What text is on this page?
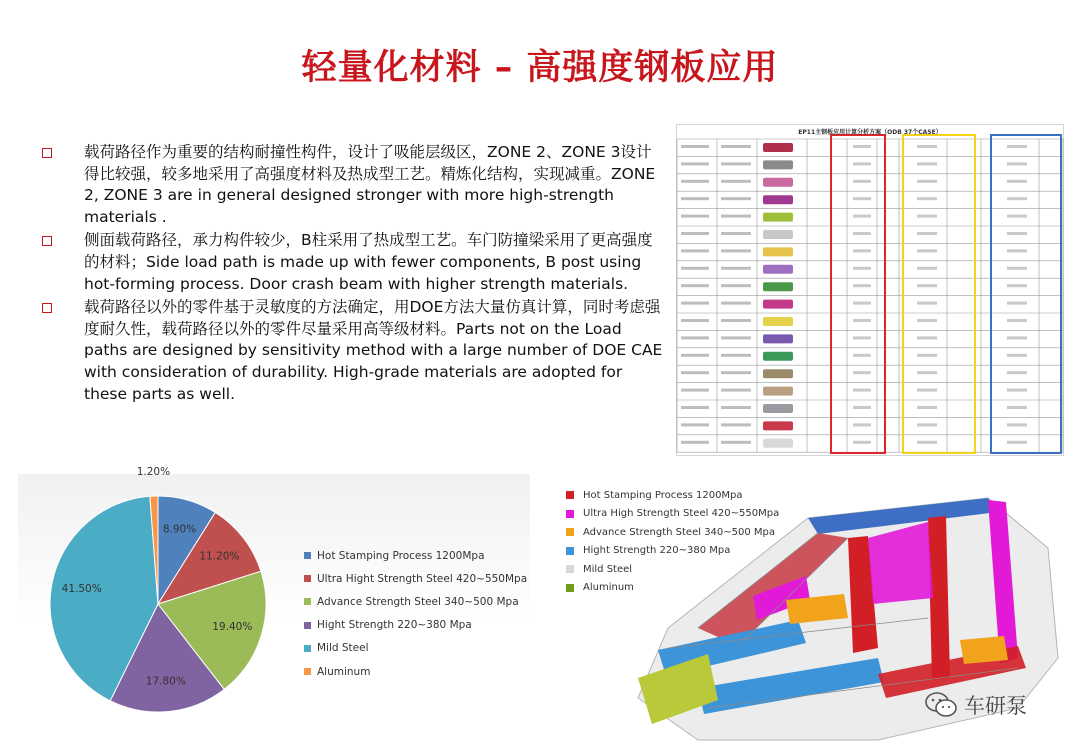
轻量化材料 – 高强度钢板应用
载荷路径作为重要的结构耐撞性构件，设计了吸能层级区，ZONE 2、ZONE 3设计得比较强，较多地采用了高强度材料及热成型工艺。精炼化结构，实现减重。ZONE 2, ZONE 3 are in general designed stronger with more high-strength materials .
侧面载荷路径，承力构件较少，B柱采用了热成型工艺。车门防撞梁采用了更高强度的材料；Side load path is made up with fewer components, B post using hot-forming process. Door crash beam with higher strength materials.
载荷路径以外的零件基于灵敏度的方法确定，用DOE方法大量仿真计算，同时考虑强度耐久性，载荷路径以外的零件尽量采用高等级材料。Parts not on the Load paths are designed by sensitivity method with a large number of DOE CAE with consideration of durability. High-grade materials are adopted for these parts as well.
EP11主钢板应用计算分析方案（ODB 37个CASE）
8.90%
11.20%
19.40%
17.80%
41.50%
1.20%
Hot Stamping Process 1200Mpa
Ultra Hight Strength Steel 420~550Mpa
Advance Strength Steel 340~500 Mpa
Hight Strength 220~380 Mpa
Mild Steel
Aluminum
Hot Stamping Process 1200Mpa
Ultra High Strength Steel 420~550Mpa
Advance Strength Steel 340~500 Mpa
Hight Strength 220~380 Mpa
Mild Steel
Aluminum
车研泵
